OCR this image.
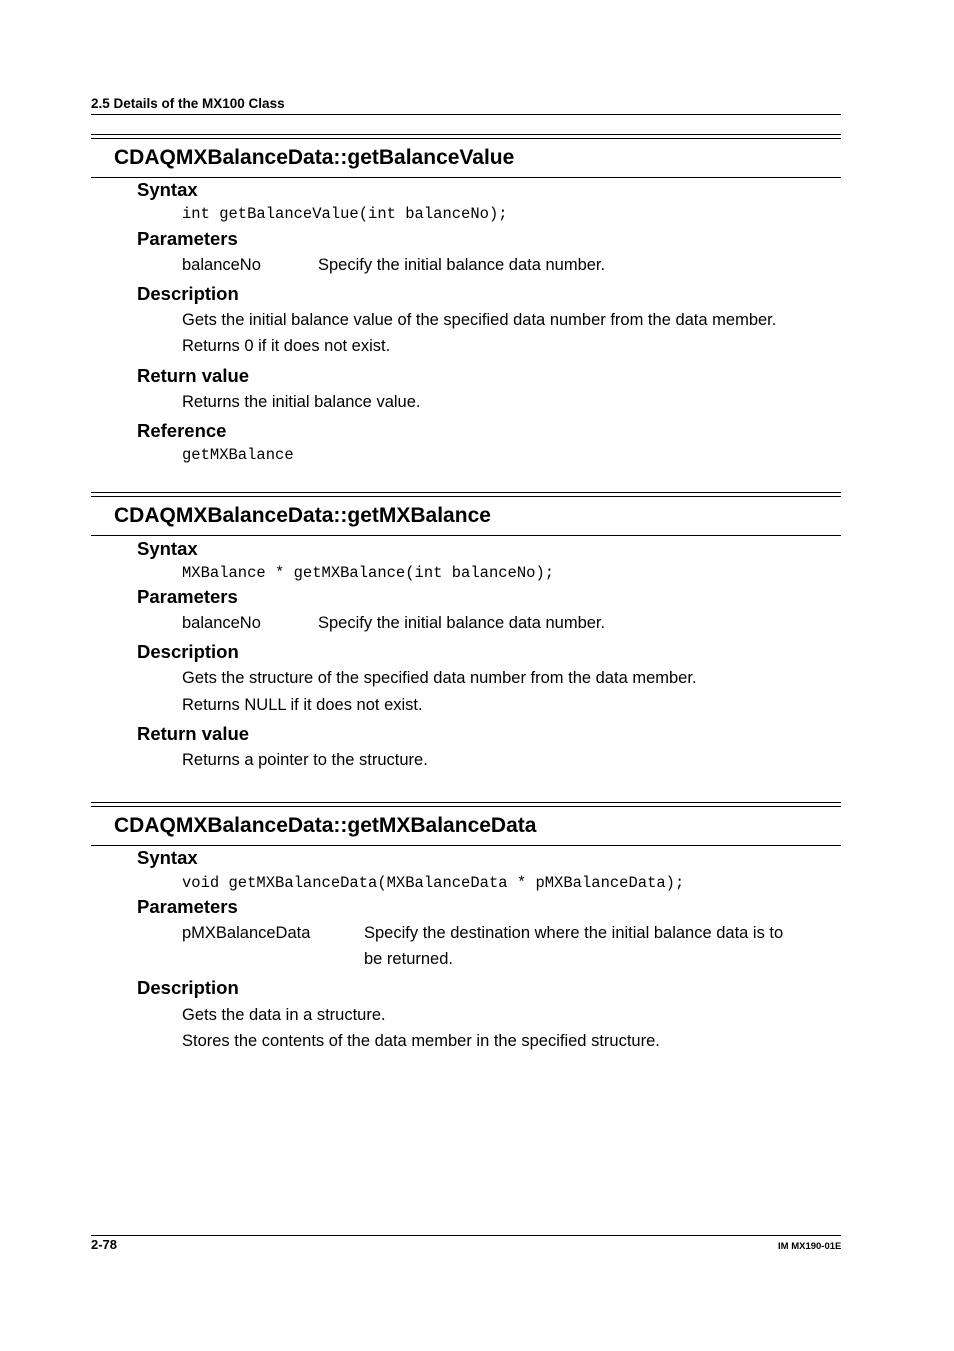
2.5 Details of the MX100 Class
CDAQMXBalanceData::getBalanceValue
Syntax
int getBalanceValue(int balanceNo);
Parameters
balanceNo	Specify the initial balance data number.
Description
Gets the initial balance value of the specified data number from the data member.
Returns 0 if it does not exist.
Return value
Returns the initial balance value.
Reference
getMXBalance
CDAQMXBalanceData::getMXBalance
Syntax
MXBalance * getMXBalance(int balanceNo);
Parameters
balanceNo	Specify the initial balance data number.
Description
Gets the structure of the specified data number from the data member.
Returns NULL if it does not exist.
Return value
Returns a pointer to the structure.
CDAQMXBalanceData::getMXBalanceData
Syntax
void getMXBalanceData(MXBalanceData * pMXBalanceData);
Parameters
pMXBalanceData	Specify the destination where the initial balance data is to
be returned.
Description
Gets the data in a structure.
Stores the contents of the data member in the specified structure.
2-78	IM MX190-01E
